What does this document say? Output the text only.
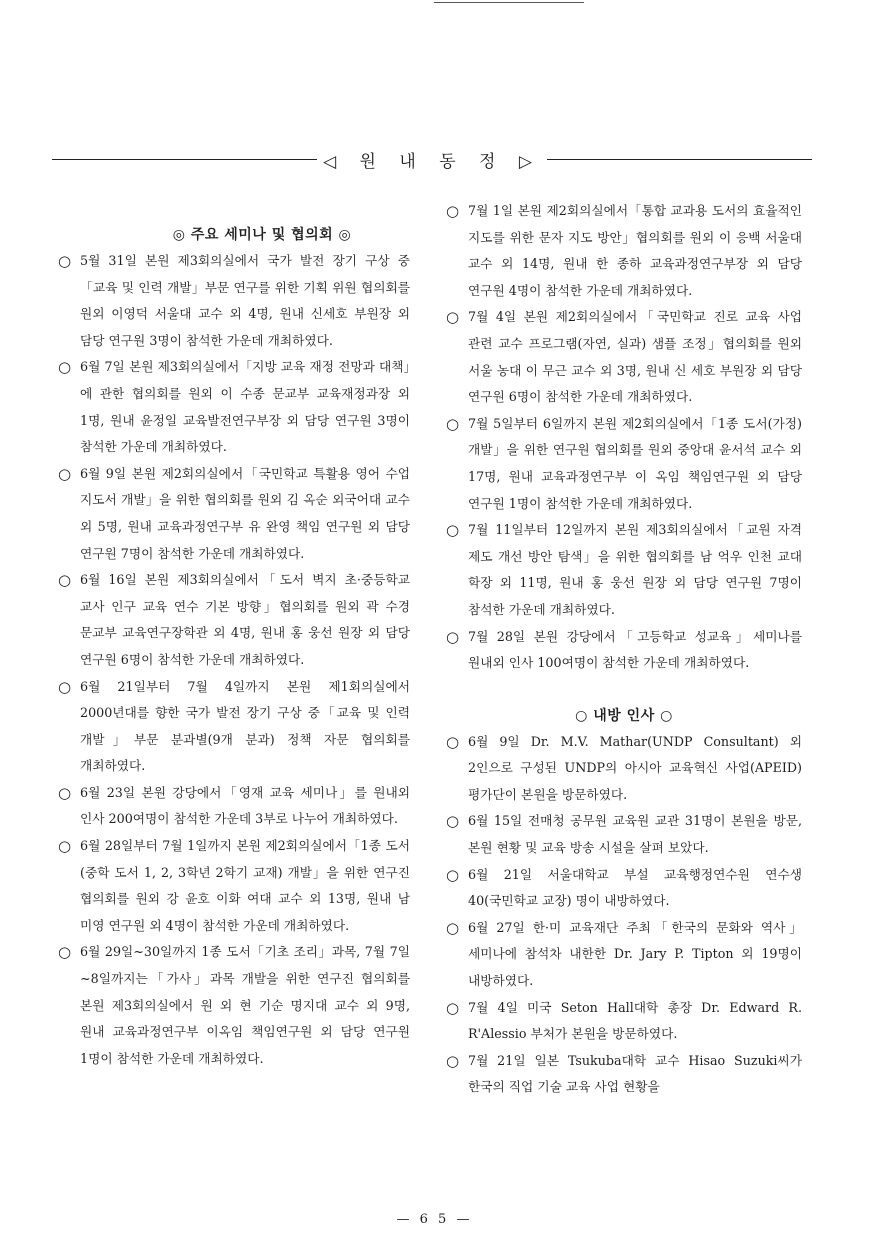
◁ 원 내 동 정 ▷
◎ 주요 세미나 및 협의회 ◎
○ 5월 31일 본원 제3회의실에서 국가 발전 장기 구상 중「교육 및 인력 개발」부문 연구를 위한 기획 위원 협의회를 원외 이영덕 서울대 교수 외 4명, 원내 신세호 부원장 외 담당 연구원 3명이 참석한 가운데 개최하였다.
○ 6월 7일 본원 제3회의실에서「지방 교육 재정 전망과 대책」에 관한 협의회를 원외 이 수종 문교부 교육재정과장 외 1명, 원내 윤정일 교육발전연구부장 외 담당 연구원 3명이 참석한 가운데 개최하였다.
○ 6월 9일 본원 제2회의실에서「국민학교 특활용 영어 수업 지도서 개발」을 위한 협의회를 원외 김 옥순 외국어대 교수 외 5명, 원내 교육과정연구부 유 완영 책임 연구원 외 담당 연구원 7명이 참석한 가운데 개최하였다.
○ 6월 16일 본원 제3회의실에서「도서 벽지 초·중등학교 교사 인구 교육 연수 기본 방향」협의회를 원외 곽 수경 문교부 교육연구장학관 외 4명, 원내 홍 웅선 원장 외 담당 연구원 6명이 참석한 가운데 개최하였다.
○ 6월 21일부터 7월 4일까지 본원 제1회의실에서 2000년대를 향한 국가 발전 장기 구상 중「교육 및 인력 개발」부문 분과별(9개 분과) 정책 자문 협의회를 개최하였다.
○ 6월 23일 본원 강당에서「영재 교육 세미나」를 원내외 인사 200여명이 참석한 가운데 3부로 나누어 개최하였다.
○ 6월 28일부터 7월 1일까지 본원 제2회의실에서「1종 도서(중학 도서 1, 2, 3학년 2학기 교재) 개발」을 위한 연구진 협의회를 원외 강 윤호 이화 여대 교수 외 13명, 원내 남 미영 연구원 외 4명이 참석한 가운데 개최하였다.
○ 6월 29일~30일까지 1종 도서「기초 조리」과목, 7월 7일~8일까지는「가사」과목 개발을 위한 연구진 협의회를 본원 제3회의실에서 원 외 현 기순 명지대 교수 외 9명, 원내 교육과정연구부 이옥임 책임연구원 외 담당 연구원 1명이 참석한 가운데 개최하였다.
○ 7월 1일 본원 제2회의실에서「통합 교과용 도서의 효율적인 지도를 위한 문자 지도 방안」협의회를 원외 이 응백 서울대 교수 외 14명, 원내 한 종하 교육과정연구부장 외 담당 연구원 4명이 참석한 가운데 개최하였다.
○ 7월 4일 본원 제2회의실에서「국민학교 진로 교육 사업 관련 교수 프로그램(자연, 실과) 샘플 조정」협의회를 원외 서울 농대 이 무근 교수 외 3명, 원내 신 세호 부원장 외 담당 연구원 6명이 참석한 가운데 개최하였다.
○ 7월 5일부터 6일까지 본원 제2회의실에서「1종 도서(가정) 개발」을 위한 연구원 협의회를 원외 중앙대 윤서석 교수 외 17명, 원내 교육과정연구부 이 옥임 책임연구원 외 담당 연구원 1명이 참석한 가운데 개최하였다.
○ 7월 11일부터 12일까지 본원 제3회의실에서「교원 자격 제도 개선 방안 탐색」을 위한 협의회를 남 억우 인천 교대 학장 외 11명, 원내 홍 웅선 원장 외 담당 연구원 7명이 참석한 가운데 개최하였다.
○ 7월 28일 본원 강당에서「고등학교 성교육」세미나를 원내외 인사 100여명이 참석한 가운데 개최하였다.
○ 내방 인사 ○
○ 6월 9일 Dr. M.V. Mathar(UNDP Consultant) 외 2인으로 구성된 UNDP의 아시아 교육혁신 사업(APEID) 평가단이 본원을 방문하였다.
○ 6월 15일 전매청 공무원 교육원 교관 31명이 본원을 방문, 본원 현황 및 교육 방송 시설을 살펴 보았다.
○ 6월 21일 서울대학교 부설 교육행정연수원 연수생 40(국민학교 교장) 명이 내방하였다.
○ 6월 27일 한·미 교육재단 주최「한국의 문화와 역사」세미나에 참석차 내한한 Dr. Jary P. Tipton 외 19명이 내방하였다.
○ 7월 4일 미국 Seton Hall대학 총장 Dr. Edward R. R'Alessio 부처가 본원을 방문하였다.
○ 7월 21일 일본 Tsukuba대학 교수 Hisao Suzuki씨가 한국의 직업 기술 교육 사업 현황을
— 6 5 —
